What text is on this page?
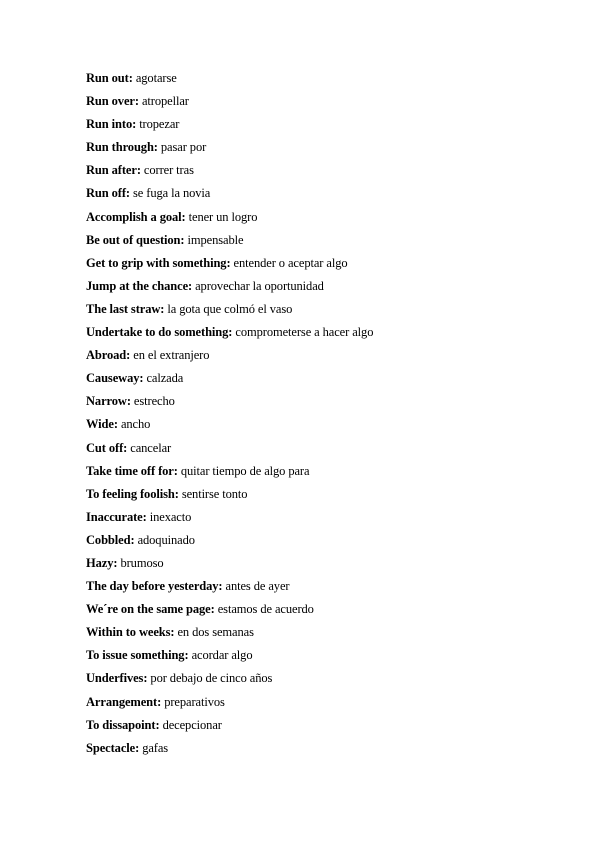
Run out: agotarse
Run over: atropellar
Run into: tropezar
Run through: pasar por
Run after: correr tras
Run off: se fuga la novia
Accomplish a goal: tener un logro
Be out of question: impensable
Get to grip with something: entender o aceptar algo
Jump at the chance: aprovechar la oportunidad
The last straw: la gota que colmó el vaso
Undertake to do something: comprometerse a hacer algo
Abroad: en el extranjero
Causeway: calzada
Narrow: estrecho
Wide: ancho
Cut off: cancelar
Take time off for: quitar tiempo de algo para
To feeling foolish: sentirse tonto
Inaccurate: inexacto
Cobbled: adoquinado
Hazy: brumoso
The day before yesterday: antes de ayer
We´re on the same page: estamos de acuerdo
Within to weeks: en dos semanas
To issue something: acordar algo
Underfives: por debajo de cinco años
Arrangement: preparativos
To dissapoint: decepcionar
Spectacle: gafas
